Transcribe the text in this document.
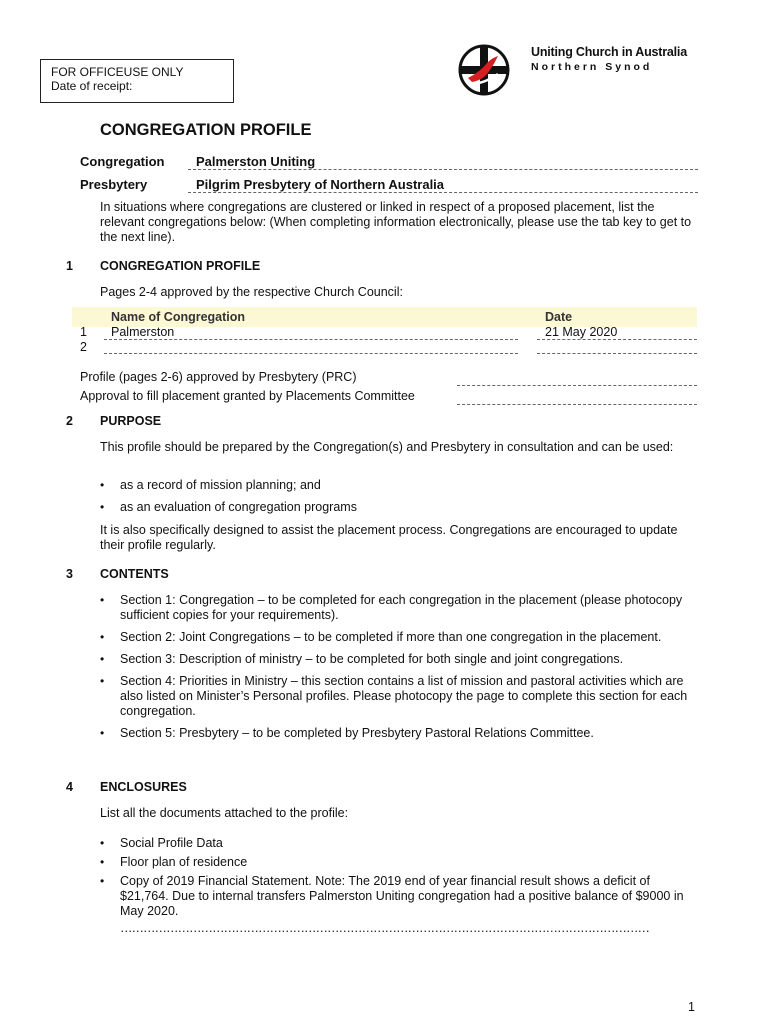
FOR OFFICEUSE ONLY
Date of receipt:
Uniting Church in Australia
Northern Synod
CONGREGATION PROFILE
Congregation Palmerston Uniting
Presbytery	Pilgrim Presbytery of Northern Australia
In situations where congregations are clustered or linked in respect of a proposed placement, list the relevant congregations below: (When completing information electronically, please use the tab key to get to the next line).
1 CONGREGATION PROFILE
Pages 2-4 approved by the respective Church Council:
Name of Congregation	Date
1 Palmerston	21 May 2020
2
Profile (pages 2-6) approved by Presbytery (PRC)
Approval to fill placement granted by Placements Committee
2 PURPOSE
This profile should be prepared by the Congregation(s) and Presbytery in consultation and can be used:
• as a record of mission planning; and
• as an evaluation of congregation programs
It is also specifically designed to assist the placement process. Congregations are encouraged to update their profile regularly.
3 CONTENTS
• Section 1: Congregation – to be completed for each congregation in the placement (please photocopy sufficient copies for your requirements).
• Section 2: Joint Congregations – to be completed if more than one congregation in the placement.
• Section 3: Description of ministry – to be completed for both single and joint congregations.
• Section 4: Priorities in Ministry – this section contains a list of mission and pastoral activities which are also listed on Minister’s Personal profiles. Please photocopy the page to complete this section for each congregation.
• Section 5: Presbytery – to be completed by Presbytery Pastoral Relations Committee.
4 ENCLOSURES
List all the documents attached to the profile:
• Social Profile Data
• Floor plan of residence
• Copy of 2019 Financial Statement. Note: The 2019 end of year financial result shows a deficit of $21,764. Due to internal transfers Palmerston Uniting congregation had a positive balance of $9000 in May 2020.
…………………………………………………………………………………………………………………………
1
